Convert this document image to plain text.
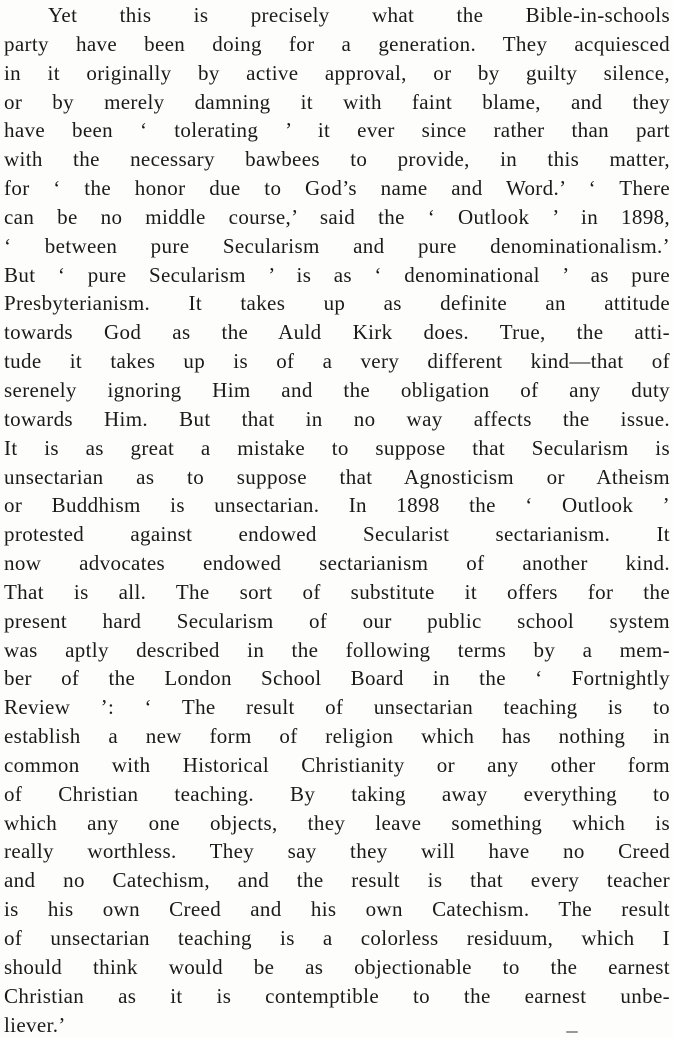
Yet this is precisely what the Bible-in-schools
party have been doing for a generation. They acquiesced
in it originally by active approval, or by guilty silence,
or by merely damning it with faint blame, and they
have been ‘ tolerating ’ it ever since rather than part
with the necessary bawbees to provide, in this matter,
for ‘ the honor due to God’s name and Word.’ ‘ There
can be no middle course,’ said the ‘ Outlook ’ in 1898,
‘ between pure Secularism and pure denominationalism.’
But ‘ pure Secularism ’ is as ‘ denominational ’ as pure
Presbyterianism. It takes up as definite an attitude
towards God as the Auld Kirk does. True, the atti-
tude it takes up is of a very different kind—that of
serenely ignoring Him and the obligation of any duty
towards Him. But that in no way affects the issue.
It is as great a mistake to suppose that Secularism is
unsectarian as to suppose that Agnosticism or Atheism
or Buddhism is unsectarian. In 1898 the ‘ Outlook ’
protested against endowed Secularist sectarianism. It
now advocates endowed sectarianism of another kind.
That is all. The sort of substitute it offers for the
present hard Secularism of our public school system
was aptly described in the following terms by a mem-
ber of the London School Board in the ‘ Fortnightly
Review ’: ‘ The result of unsectarian teaching is to
establish a new form of religion which has nothing in
common with Historical Christianity or any other form
of Christian teaching. By taking away everything to
which any one objects, they leave something which is
really worthless. They say they will have no Creed
and no Catechism, and the result is that every teacher
is his own Creed and his own Catechism. The result
of unsectarian teaching is a colorless residuum, which I
should think would be as objectionable to the earnest
Christian as it is contemptible to the earnest unbe-
liever.’
